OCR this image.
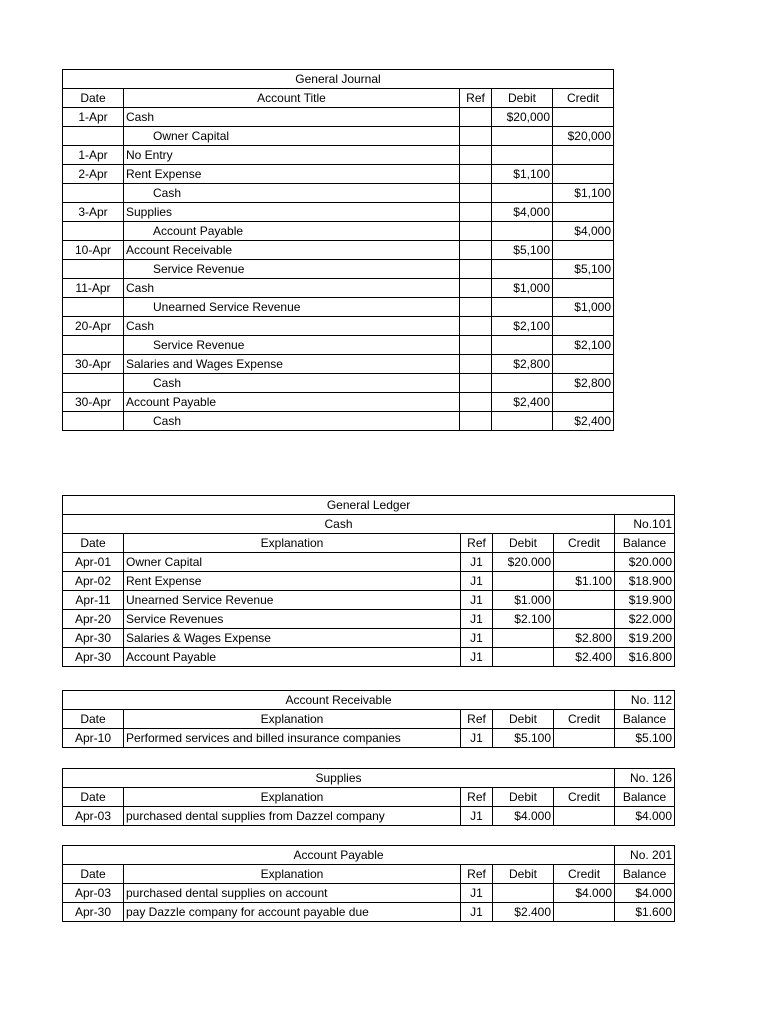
General Journal				
Date	Account Title	Ref	Debit	Credit
1-Apr	Cash		$20,000	
	Owner Capital			$20,000
1-Apr	No Entry			
2-Apr	Rent Expense		$1,100	
	Cash			$1,100
3-Apr	Supplies		$4,000	
	Account Payable			$4,000
10-Apr	Account Receivable		$5,100	
	Service Revenue			$5,100
11-Apr	Cash		$1,000	
	Unearned Service Revenue			$1,000
20-Apr	Cash		$2,100	
	Service Revenue			$2,100
30-Apr	Salaries and Wages Expense		$2,800	
	Cash			$2,800
30-Apr	Account Payable		$2,400	
	Cash			$2,400
General Ledger					
Cash					No.101
Date	Explanation	Ref	Debit	Credit	Balance
Apr-01	Owner Capital	J1	$20.000		$20.000
Apr-02	Rent Expense	J1		$1.100	$18.900
Apr-11	Unearned Service Revenue	J1	$1.000		$19.900
Apr-20	Service Revenues	J1	$2.100		$22.000
Apr-30	Salaries & Wages Expense	J1		$2.800	$19.200
Apr-30	Account Payable	J1		$2.400	$16.800
Account Receivable					No. 112
Date	Explanation	Ref	Debit	Credit	Balance
Apr-10	Performed services and billed insurance companies	J1	$5.100		$5.100
Supplies					No. 126
Date	Explanation	Ref	Debit	Credit	Balance
Apr-03	purchased dental supplies from Dazzel company	J1	$4.000		$4.000
Account Payable					No. 201
Date	Explanation	Ref	Debit	Credit	Balance
Apr-03	purchased dental supplies on account	J1		$4.000	$4.000
Apr-30	pay Dazzle company for account payable due	J1	$2.400		$1.600
